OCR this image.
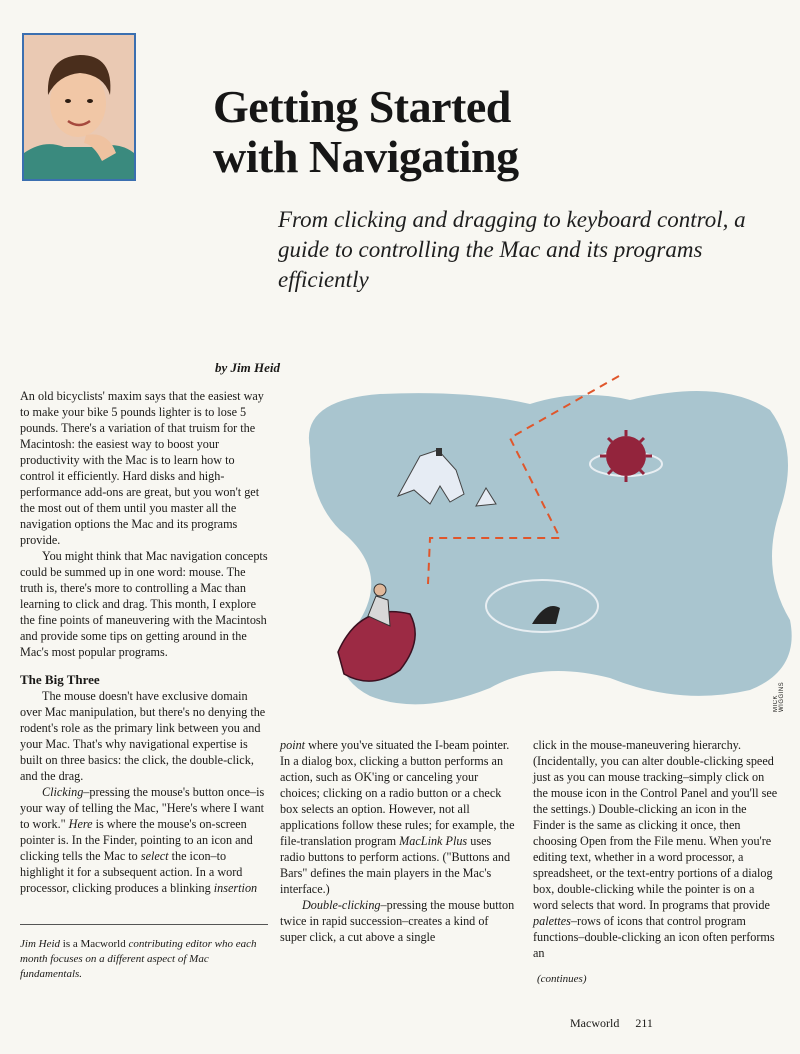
Getting Started
with Navigating
From clicking and dragging to keyboard control, a guide to controlling the Mac and its programs efficiently
by Jim Heid

An old bicyclists' maxim says that the easiest way to make your bike 5 pounds lighter is to lose 5 pounds. There's a variation of that truism for the Macintosh: the easiest way to boost your productivity with the Mac is to learn how to control it efficiently. Hard disks and high-performance add-ons are great, but you won't get the most out of them until you master all the navigation options the Mac and its programs provide.

You might think that Mac navigation concepts could be summed up in one word: mouse. The truth is, there's more to controlling a Mac than learning to click and drag. This month, I explore the fine points of maneuvering with the Macintosh and provide some tips on getting around in the Mac's most popular programs.

The Big Three

The mouse doesn't have exclusive domain over Mac manipulation, but there's no denying the rodent's role as the primary link between you and your Mac. That's why navigational expertise is built on three basics: the click, the double-click, and the drag.

Clicking–pressing the mouse's button once–is your way of telling the Mac, "Here's where I want to work." Here is where the mouse's on-screen pointer is. In the Finder, pointing to an icon and clicking tells the Mac to select the icon–to highlight it for a subsequent action. In a word processor, clicking produces a blinking insertion

Jim Heid is a Macworld contributing editor who each month focuses on a different aspect of Mac fundamentals.

point where you've situated the I-beam pointer. In a dialog box, clicking a button performs an action, such as OK'ing or canceling your choices; clicking on a radio button or a check box selects an option. However, not all applications follow these rules; for example, the file-translation program MacLink Plus uses radio buttons to perform actions. ("Buttons and Bars" defines the main players in the Mac's interface.)

Double-clicking–pressing the mouse button twice in rapid succession–creates a kind of super click, a cut above a single

click in the mouse-maneuvering hierarchy. (Incidentally, you can alter double-clicking speed just as you can mouse tracking–simply click on the mouse icon in the Control Panel and you'll see the settings.) Double-clicking an icon in the Finder is the same as clicking it once, then choosing Open from the File menu. When you're editing text, whether in a word processor, a spreadsheet, or the text-entry portions of a dialog box, double-clicking while the pointer is on a word selects that word. In programs that provide palettes–rows of icons that control program functions–double-clicking an icon often performs an

(continues)
MICK WIGGINS
Macworld 211
